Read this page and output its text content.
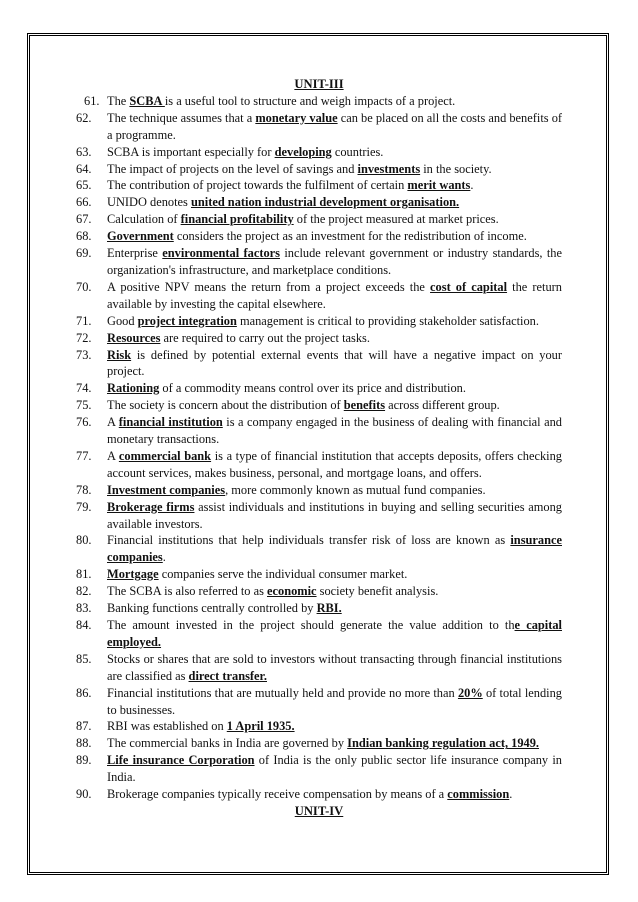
UNIT-III

61. The SCBA is a useful tool to structure and weigh impacts of a project.
62.	The technique assumes that a monetary value can be placed on all the costs and benefits of a programme.
63.	SCBA is important especially for developing countries.
64.	The impact of projects on the level of savings and investments in the society.
65.	The contribution of project towards the fulfilment of certain merit wants.
66.	UNIDO denotes united nation industrial development organisation.
67.	Calculation of financial profitability of the project measured at market prices.
68.	Government considers the project as an investment for the redistribution of income.
69.	Enterprise environmental factors include relevant government or industry standards, the organization's infrastructure, and marketplace conditions.
70.	A positive NPV means the return from a project exceeds the cost of capital the return available by investing the capital elsewhere.
71.	Good project integration management is critical to providing stakeholder satisfaction.
72.	Resources are required to carry out the project tasks.
73.	Risk is defined by potential external events that will have a negative impact on your project.
74.	Rationing of a commodity means control over its price and distribution.
75.	The society is concern about the distribution of benefits across different group.
76.	A financial institution is a company engaged in the business of dealing with financial and monetary transactions.
77.	A commercial bank is a type of financial institution that accepts deposits, offers checking account services, makes business, personal, and mortgage loans, and offers.
78.	Investment companies, more commonly known as mutual fund companies.
79.	Brokerage firms assist individuals and institutions in buying and selling securities among available investors.
80.	Financial institutions that help individuals transfer risk of loss are known as insurance companies.
81.	Mortgage companies serve the individual consumer market.
82.	The SCBA is also referred to as economic society benefit analysis.
83.	Banking functions centrally controlled by RBI.
84.	The amount invested in the project should generate the value addition to the capital employed.
85.	Stocks or shares that are sold to investors without transacting through financial institutions are classified as direct transfer.
86.	Financial institutions that are mutually held and provide no more than 20% of total lending to businesses.
87.	RBI was established on 1 April 1935.
88.	The commercial banks in India are governed by Indian banking regulation act, 1949.
89.	Life insurance Corporation of India is the only public sector life insurance company in India.
90.	Brokerage companies typically receive compensation by means of a commission.

UNIT-IV
